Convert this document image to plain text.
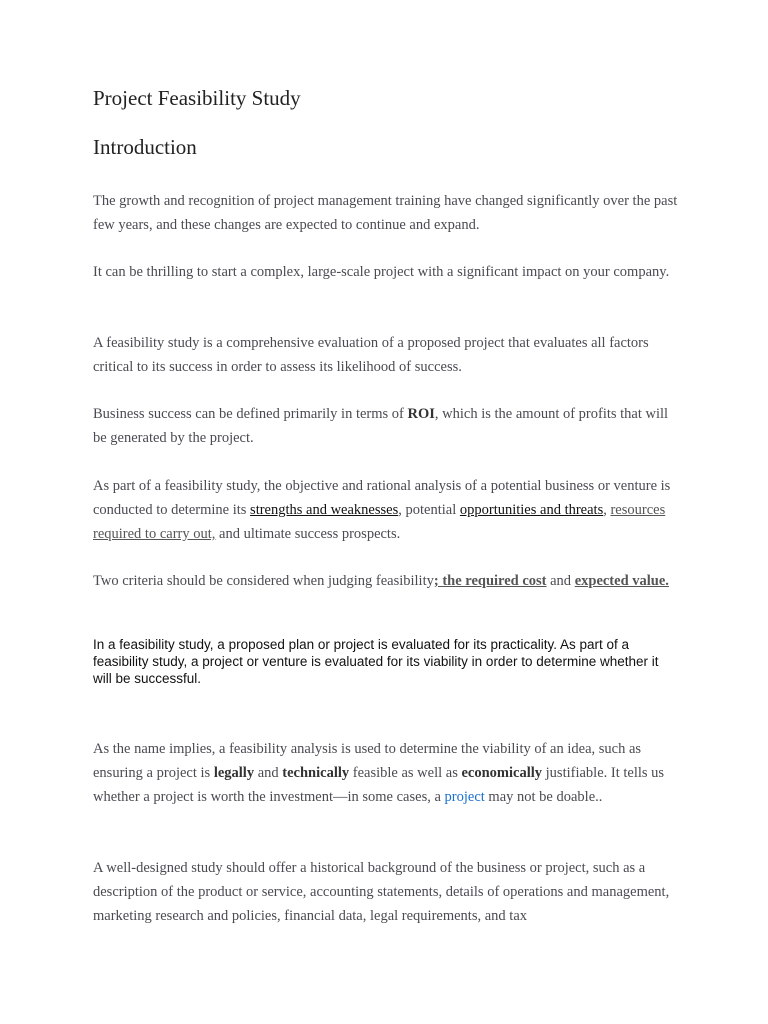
Project Feasibility Study
Introduction

The growth and recognition of project management training have changed significantly over the past few years, and these changes are expected to continue and expand.

It can be thrilling to start a complex, large-scale project with a significant impact on your company.

A feasibility study is a comprehensive evaluation of a proposed project that evaluates all factors critical to its success in order to assess its likelihood of success.

Business success can be defined primarily in terms of ROI, which is the amount of profits that will be generated by the project.

As part of a feasibility study, the objective and rational analysis of a potential business or venture is conducted to determine its strengths and weaknesses, potential opportunities and threats, resources required to carry out, and ultimate success prospects.

Two criteria should be considered when judging feasibility; the required cost and expected value.

In a feasibility study, a proposed plan or project is evaluated for its practicality. As part of a feasibility study, a project or venture is evaluated for its viability in order to determine whether it will be successful.

As the name implies, a feasibility analysis is used to determine the viability of an idea, such as ensuring a project is legally and technically feasible as well as economically justifiable. It tells us whether a project is worth the investment—in some cases, a project may not be doable..

A well-designed study should offer a historical background of the business or project, such as a description of the product or service, accounting statements, details of operations and management, marketing research and policies, financial data, legal requirements, and tax
